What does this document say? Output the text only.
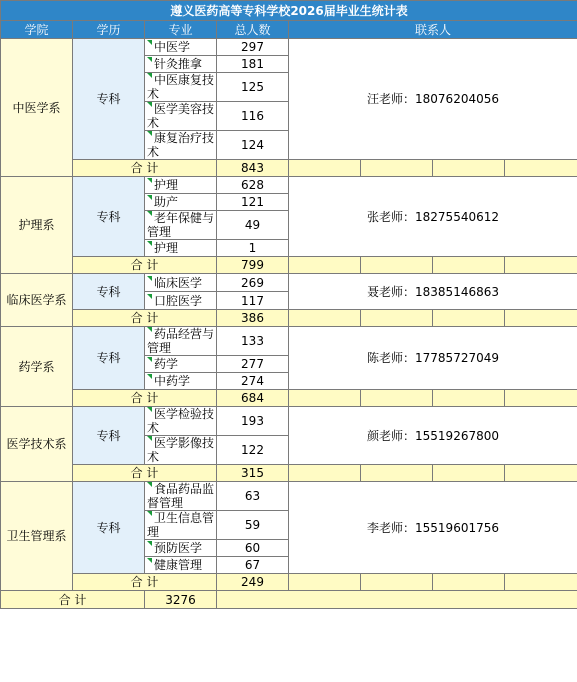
遵义医药高等专科学校2026届毕业生统计表							
学院	学历	专业	总人数	联系人			
中医学系	专科	中医学	297	汪老师：18076204056			
		针灸推拿	181				
		中医康复技术	125				
		医学美容技术	116				
		康复治疗技术	124				
	合 计		843				
护理系	专科	护理	628	张老师：18275540612			
		助产	121				
		老年保健与管理	49				
		护理	1				
	合 计		799				
临床医学系	专科	临床医学	269	聂老师：18385146863			
		口腔医学	117				
	合 计		386				
药学系	专科	药品经营与管理	133	陈老师：17785727049			
		药学	277				
		中药学	274				
	合 计		684				
医学技术系	专科	医学检验技术	193	颜老师：15519267800			
		医学影像技术	122				
	合 计		315				
卫生管理系	专科	食品药品监督管理	63	李老师：15519601756			
		卫生信息管理	59				
		预防医学	60				
		健康管理	67				
	合 计		249				
合 计		3276					
